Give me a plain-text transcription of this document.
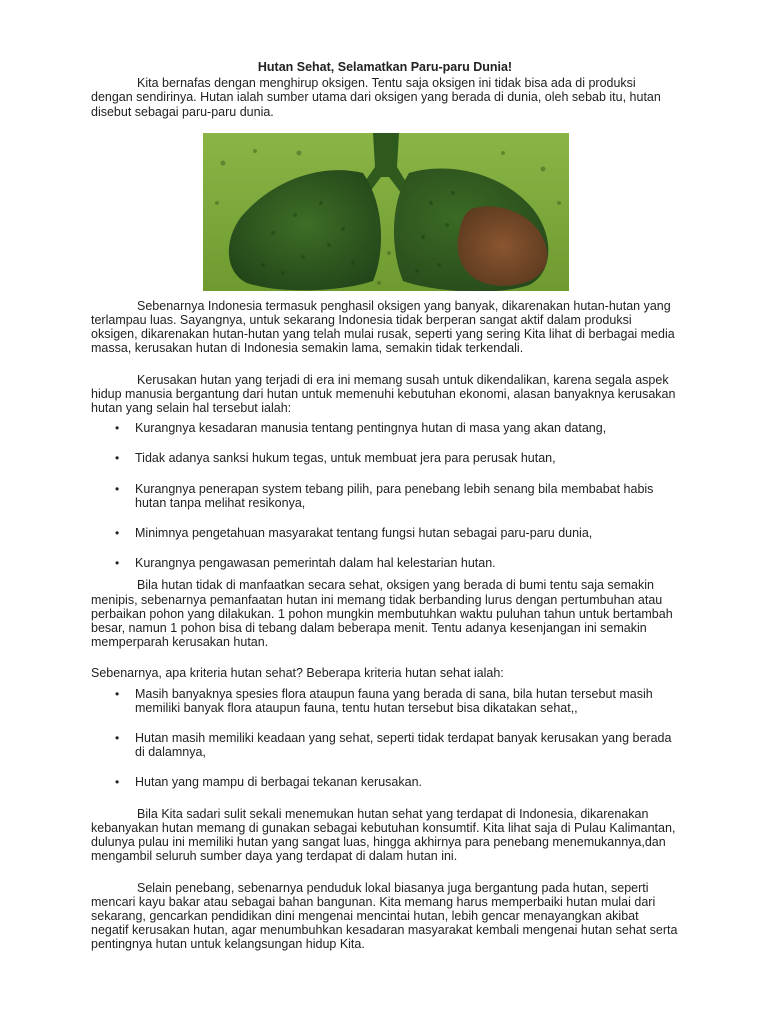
Hutan Sehat, Selamatkan Paru-paru Dunia!

Kita bernafas dengan menghirup oksigen. Tentu saja oksigen ini tidak bisa ada di produksi dengan sendirinya. Hutan ialah sumber utama dari oksigen yang berada di dunia, oleh sebab itu, hutan disebut sebagai paru-paru dunia.

Sebenarnya Indonesia termasuk penghasil oksigen yang banyak, dikarenakan hutan-hutan yang terlampau luas. Sayangnya, untuk sekarang Indonesia tidak berperan sangat aktif dalam produksi oksigen, dikarenakan hutan-hutan yang telah mulai rusak, seperti yang sering Kita lihat di berbagai media massa, kerusakan hutan di Indonesia semakin lama, semakin tidak terkendali.

Kerusakan hutan yang terjadi di era ini memang susah untuk dikendalikan, karena segala aspek hidup manusia bergantung dari hutan untuk memenuhi kebutuhan ekonomi, alasan banyaknya kerusakan hutan yang selain hal tersebut ialah:

• Kurangnya kesadaran manusia tentang pentingnya hutan di masa yang akan datang,
• Tidak adanya sanksi hukum tegas, untuk membuat jera para perusak hutan,
• Kurangnya penerapan system tebang pilih, para penebang lebih senang bila membabat habis hutan tanpa melihat resikonya,
• Minimnya pengetahuan masyarakat tentang fungsi hutan sebagai paru-paru dunia,
• Kurangnya pengawasan pemerintah dalam hal kelestarian hutan.

Bila hutan tidak di manfaatkan secara sehat, oksigen yang berada di bumi tentu saja semakin menipis, sebenarnya pemanfaatan hutan ini memang tidak berbanding lurus dengan pertumbuhan atau perbaikan pohon yang dilakukan. 1 pohon mungkin membutuhkan waktu puluhan tahun untuk bertambah besar, namun 1 pohon bisa di tebang dalam beberapa menit. Tentu adanya kesenjangan ini semakin memperparah kerusakan hutan.

Sebenarnya, apa kriteria hutan sehat? Beberapa kriteria hutan sehat ialah:

• Masih banyaknya spesies flora ataupun fauna yang berada di sana, bila hutan tersebut masih memiliki banyak flora ataupun fauna, tentu hutan tersebut bisa dikatakan sehat,,
• Hutan masih memiliki keadaan yang sehat, seperti tidak terdapat banyak kerusakan yang berada di dalamnya,
• Hutan yang mampu di berbagai tekanan kerusakan.

Bila Kita sadari sulit sekali menemukan hutan sehat yang terdapat di Indonesia, dikarenakan kebanyakan hutan memang di gunakan sebagai kebutuhan konsumtif. Kita lihat saja di Pulau Kalimantan, dulunya pulau ini memiliki hutan yang sangat luas, hingga akhirnya para penebang menemukannya,dan mengambil seluruh sumber daya yang terdapat di dalam hutan ini.

Selain penebang, sebenarnya penduduk lokal biasanya juga bergantung pada hutan, seperti mencari kayu bakar atau sebagai bahan bangunan. Kita memang harus memperbaiki hutan mulai dari sekarang, gencarkan pendidikan dini mengenai mencintai hutan, lebih gencar menayangkan akibat negatif kerusakan hutan, agar menumbuhkan kesadaran masyarakat kembali mengenai hutan sehat serta pentingnya hutan untuk kelangsungan hidup Kita.
